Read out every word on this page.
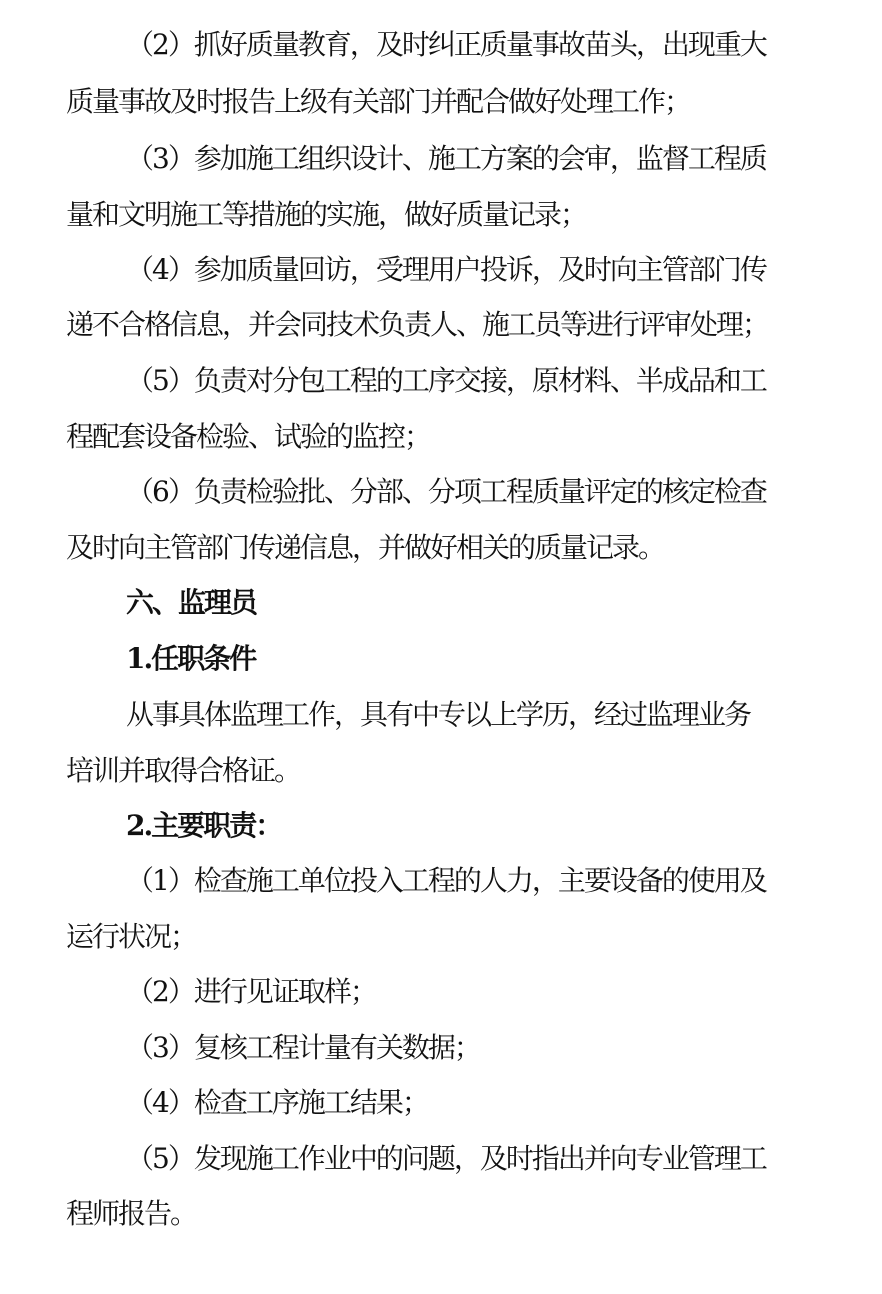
（2）抓好质量教育，及时纠正质量事故苗头，出现重大
质量事故及时报告上级有关部门并配合做好处理工作；
（3）参加施工组织设计、施工方案的会审，监督工程质
量和文明施工等措施的实施，做好质量记录；
（4）参加质量回访，受理用户投诉，及时向主管部门传
递不合格信息，并会同技术负责人、施工员等进行评审处理；
（5）负责对分包工程的工序交接，原材料、半成品和工
程配套设备检验、试验的监控；
（6）负责检验批、分部、分项工程质量评定的核定检查
及时向主管部门传递信息，并做好相关的质量记录。
六、监理员
1.任职条件
从事具体监理工作，具有中专以上学历，经过监理业务
培训并取得合格证。
2.主要职责：
（1）检查施工单位投入工程的人力，主要设备的使用及
运行状况；
（2）进行见证取样；
（3）复核工程计量有关数据；
（4）检查工序施工结果；
（5）发现施工作业中的问题，及时指出并向专业管理工
程师报告。
